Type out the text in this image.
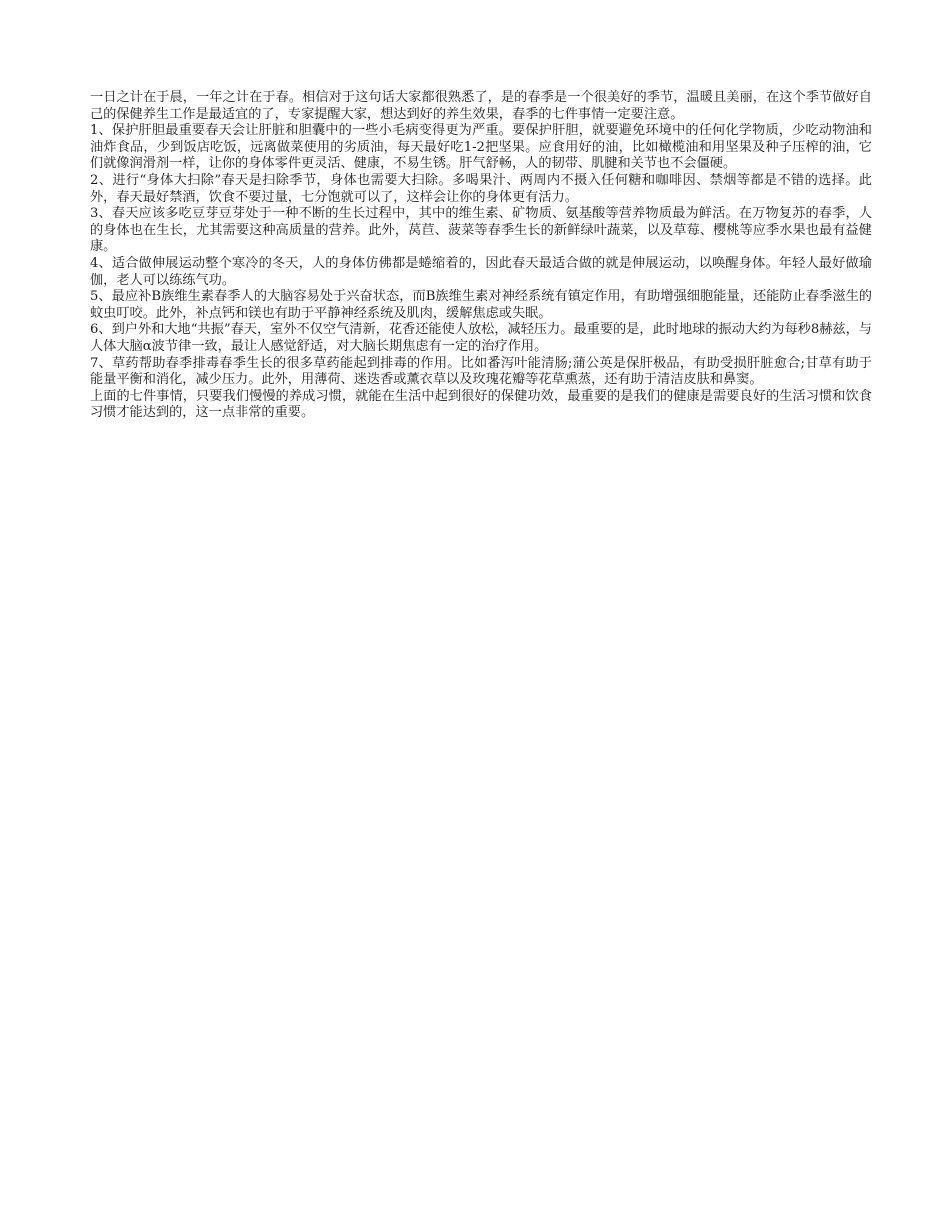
一日之计在于晨，一年之计在于春。相信对于这句话大家都很熟悉了，是的春季是一个很美好的季节，温暖且美丽，在这个季节做好自己的保健养生工作是最适宜的了，专家提醒大家，想达到好的养生效果，春季的七件事情一定要注意。

1、保护肝胆最重要春天会让肝脏和胆囊中的一些小毛病变得更为严重。要保护肝胆，就要避免环境中的任何化学物质，少吃动物油和油炸食品，少到饭店吃饭，远离做菜使用的劣质油，每天最好吃1-2把坚果。应食用好的油，比如橄榄油和用坚果及种子压榨的油，它们就像润滑剂一样，让你的身体零件更灵活、健康，不易生锈。肝气舒畅，人的韧带、肌腱和关节也不会僵硬。

2、进行“身体大扫除”春天是扫除季节，身体也需要大扫除。多喝果汁、两周内不摄入任何糖和咖啡因、禁烟等都是不错的选择。此外，春天最好禁酒，饮食不要过量，七分饱就可以了，这样会让你的身体更有活力。

3、春天应该多吃豆芽豆芽处于一种不断的生长过程中，其中的维生素、矿物质、氨基酸等营养物质最为鲜活。在万物复苏的春季，人的身体也在生长，尤其需要这种高质量的营养。此外，莴苣、菠菜等春季生长的新鲜绿叶蔬菜，以及草莓、樱桃等应季水果也最有益健康。

4、适合做伸展运动整个寒冷的冬天，人的身体仿佛都是蜷缩着的，因此春天最适合做的就是伸展运动，以唤醒身体。年轻人最好做瑜伽，老人可以练练气功。

5、最应补B族维生素春季人的大脑容易处于兴奋状态，而B族维生素对神经系统有镇定作用，有助增强细胞能量，还能防止春季滋生的蚊虫叮咬。此外，补点钙和镁也有助于平静神经系统及肌肉，缓解焦虑或失眠。

6、到户外和大地“共振”春天，室外不仅空气清新，花香还能使人放松，减轻压力。最重要的是，此时地球的振动大约为每秒8赫兹，与人体大脑α波节律一致，最让人感觉舒适，对大脑长期焦虑有一定的治疗作用。

7、草药帮助春季排毒春季生长的很多草药能起到排毒的作用。比如番泻叶能清肠;蒲公英是保肝极品，有助受损肝脏愈合;甘草有助于能量平衡和消化，减少压力。此外，用薄荷、迷迭香或薰衣草以及玫瑰花瓣等花草熏蒸，还有助于清洁皮肤和鼻窦。

上面的七件事情，只要我们慢慢的养成习惯，就能在生活中起到很好的保健功效，最重要的是我们的健康是需要良好的生活习惯和饮食习惯才能达到的，这一点非常的重要。
